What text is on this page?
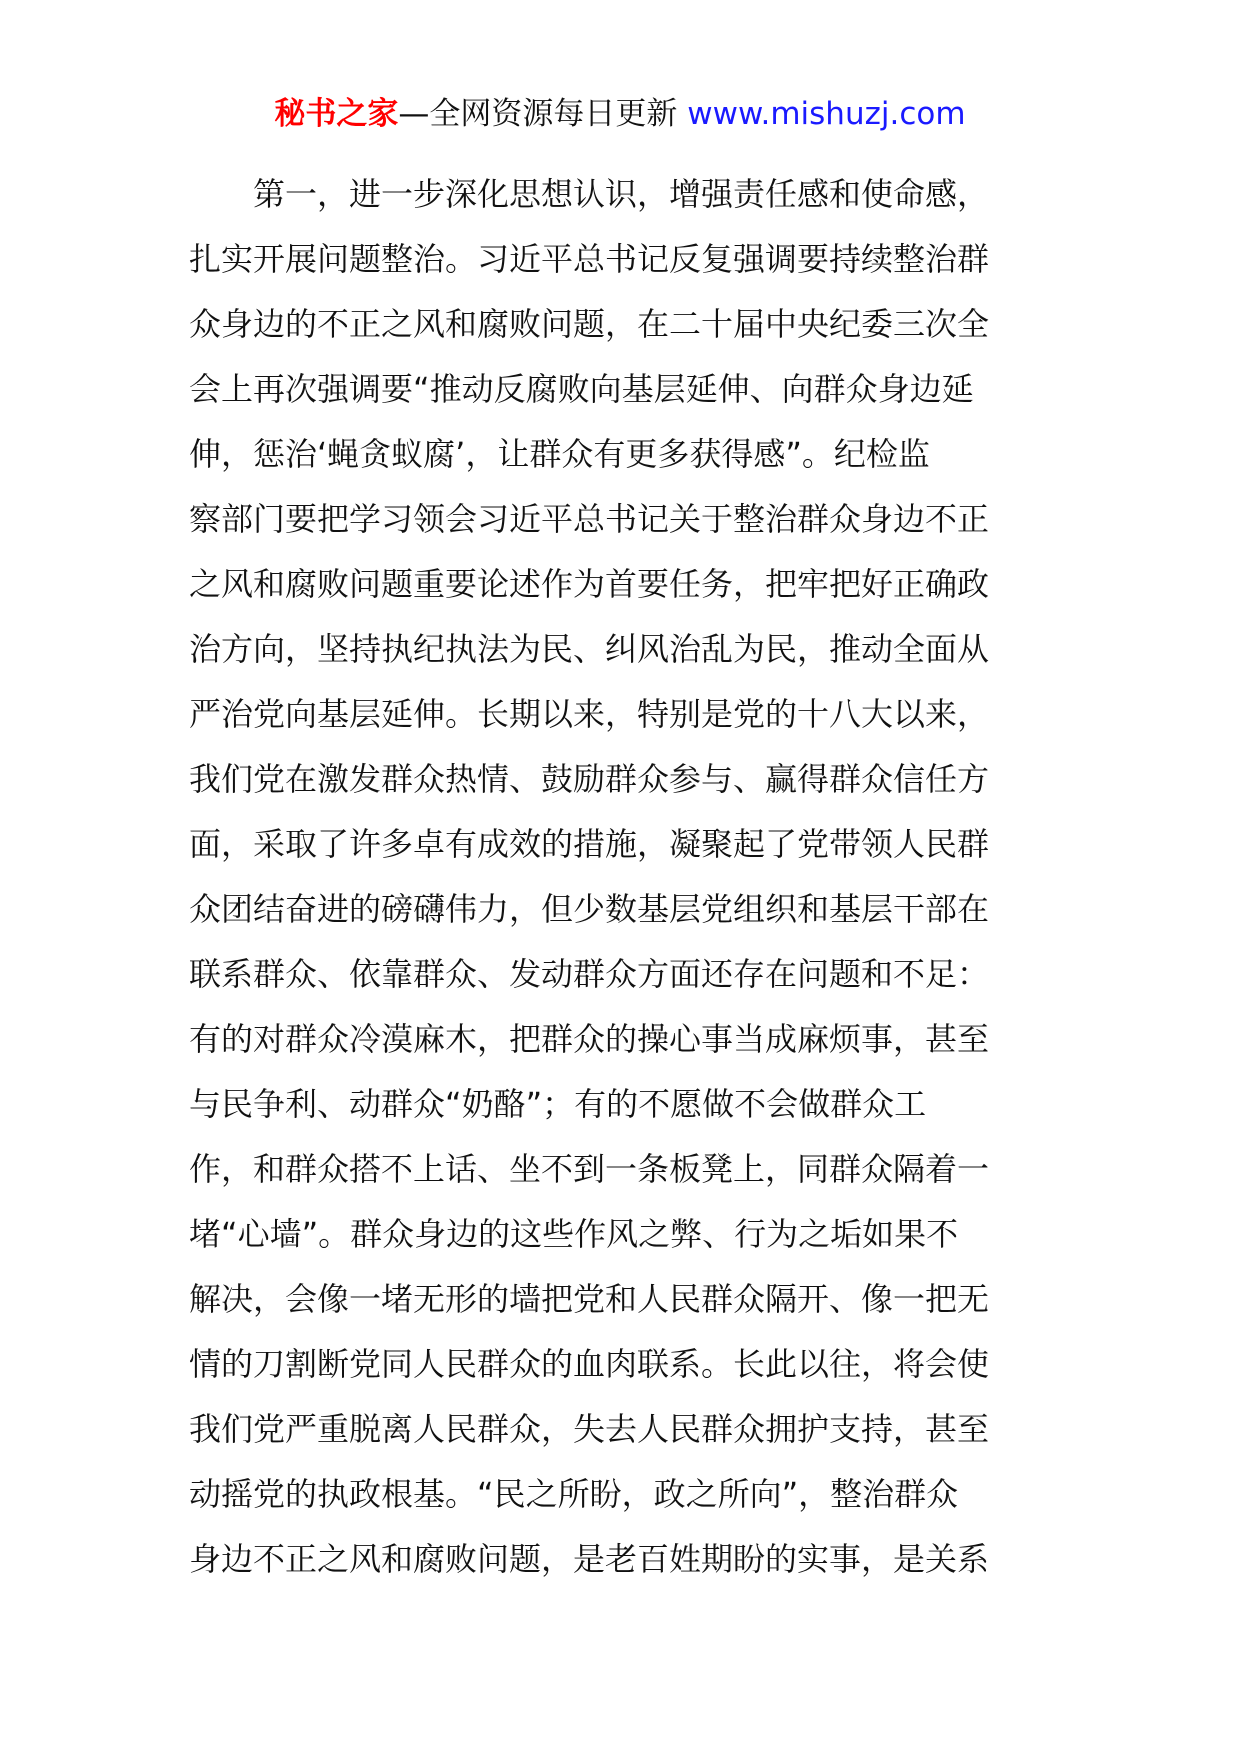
秘书之家—全网资源每日更新 www.mishuzj.com
第一，进一步深化思想认识，增强责任感和使命感，
扎实开展问题整治。习近平总书记反复强调要持续整治群
众身边的不正之风和腐败问题，在二十届中央纪委三次全
会上再次强调要“推动反腐败向基层延伸、向群众身边延
伸，惩治‘蝇贪蚁腐’，让群众有更多获得感”。纪检监
察部门要把学习领会习近平总书记关于整治群众身边不正
之风和腐败问题重要论述作为首要任务，把牢把好正确政
治方向，坚持执纪执法为民、纠风治乱为民，推动全面从
严治党向基层延伸。长期以来，特别是党的十八大以来，
我们党在激发群众热情、鼓励群众参与、赢得群众信任方
面，采取了许多卓有成效的措施，凝聚起了党带领人民群
众团结奋进的磅礴伟力，但少数基层党组织和基层干部在
联系群众、依靠群众、发动群众方面还存在问题和不足：
有的对群众冷漠麻木，把群众的操心事当成麻烦事，甚至
与民争利、动群众“奶酪”；有的不愿做不会做群众工
作，和群众搭不上话、坐不到一条板凳上，同群众隔着一
堵“心墙”。群众身边的这些作风之弊、行为之垢如果不
解决，会像一堵无形的墙把党和人民群众隔开、像一把无
情的刀割断党同人民群众的血肉联系。长此以往，将会使
我们党严重脱离人民群众，失去人民群众拥护支持，甚至
动摇党的执政根基。“民之所盼，政之所向”，整治群众
身边不正之风和腐败问题，是老百姓期盼的实事，是关系
